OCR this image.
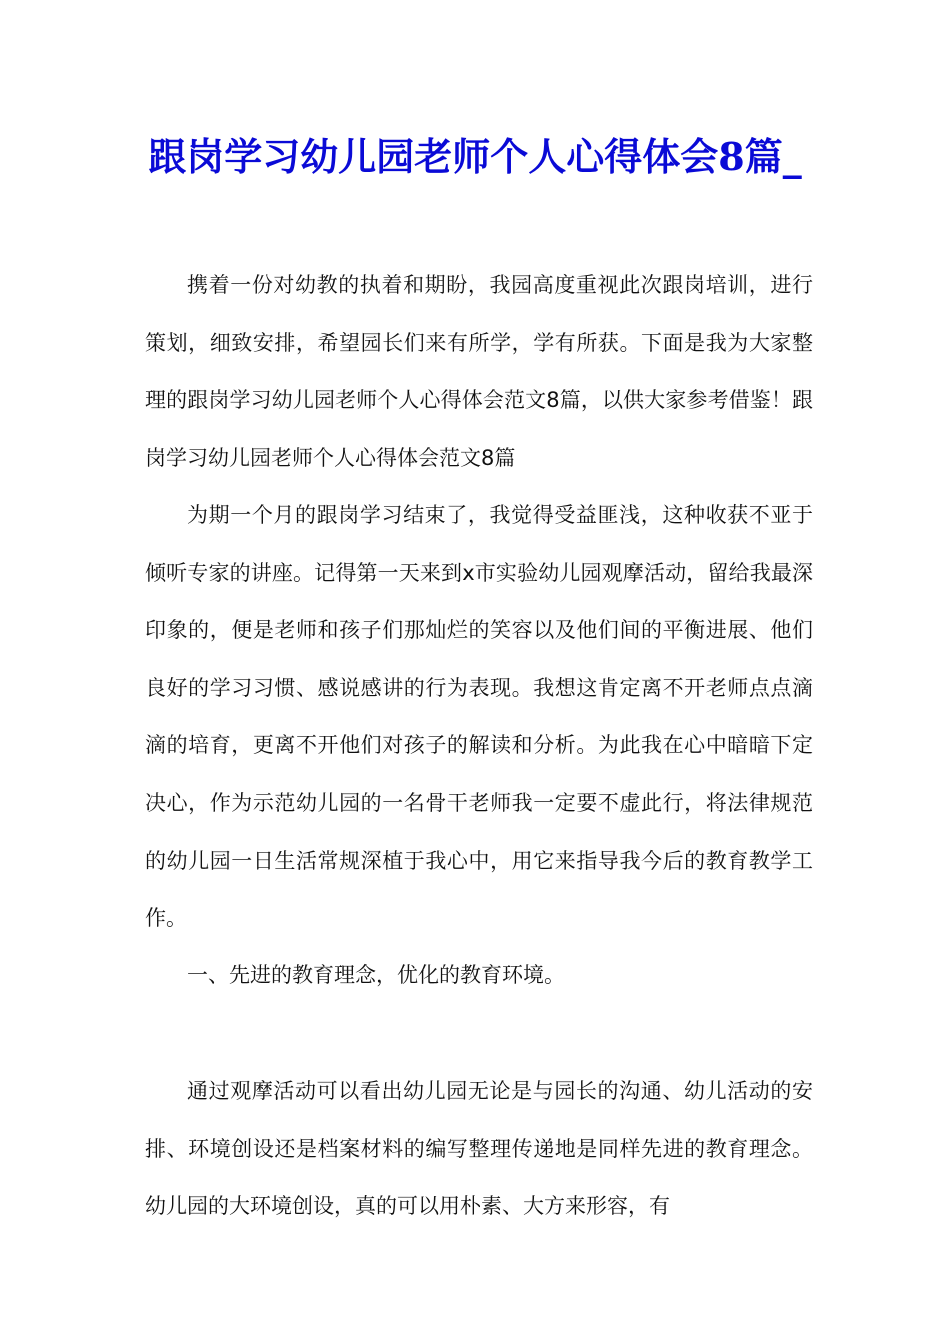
跟岗学习幼儿园老师个人心得体会8篇_

携着一份对幼教的执着和期盼，我园高度重视此次跟岗培训，进行策划，细致安排，希望园长们来有所学，学有所获。下面是我为大家整理的跟岗学习幼儿园老师个人心得体会范文8篇，以供大家参考借鉴！跟岗学习幼儿园老师个人心得体会范文8篇

为期一个月的跟岗学习结束了，我觉得受益匪浅，这种收获不亚于倾听专家的讲座。记得第一天来到x市实验幼儿园观摩活动，留给我最深印象的，便是老师和孩子们那灿烂的笑容以及他们间的平衡进展、他们良好的学习习惯、感说感讲的行为表现。我想这肯定离不开老师点点滴滴的培育，更离不开他们对孩子的解读和分析。为此我在心中暗暗下定决心，作为示范幼儿园的一名骨干老师我一定要不虚此行，将法律规范的幼儿园一日生活常规深植于我心中，用它来指导我今后的教育教学工作。

一、先进的教育理念，优化的教育环境。

通过观摩活动可以看出幼儿园无论是与园长的沟通、幼儿活动的安排、环境创设还是档案材料的编写整理传递地是同样先进的教育理念。幼儿园的大环境创设，真的可以用朴素、大方来形容，有
